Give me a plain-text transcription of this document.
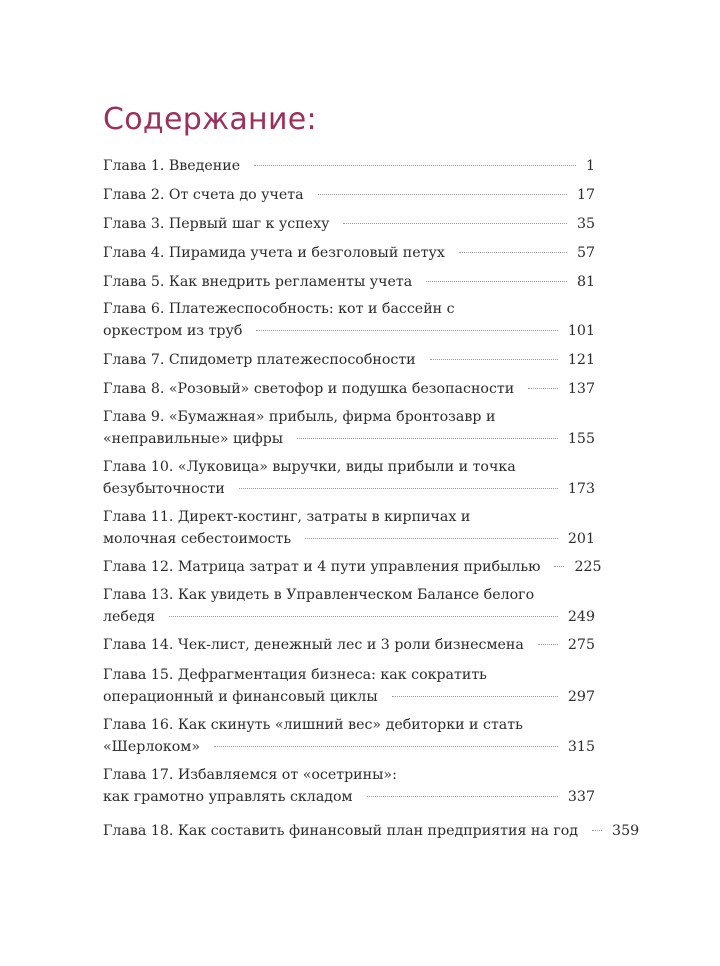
Содержание:
Глава 1. Введение	1
Глава 2. От счета до учета	17
Глава 3. Первый шаг к успеху	35
Глава 4. Пирамида учета и безголовый петух	57
Глава 5. Как внедрить регламенты учета	81
Глава 6. Платежеспособность: кот и бассейн с
оркестром из труб	101
Глава 7. Спидометр платежеспособности	121
Глава 8. «Розовый» светофор и подушка безопасности	137
Глава 9. «Бумажная» прибыль, фирма бронтозавр и
«неправильные» цифры	155
Глава 10. «Луковица» выручки, виды прибыли и точка
безубыточности	173
Глава 11. Директ-костинг, затраты в кирпичах и
молочная себестоимость	201
Глава 12. Матрица затрат и 4 пути управления прибылью 225
Глава 13. Как увидеть в Управленческом Балансе белого
лебедя	249
Глава 14. Чек-лист, денежный лес и 3 роли бизнесмена	275
Глава 15. Дефрагментация бизнеса: как сократить
операционный и финансовый циклы	297
Глава 16. Как скинуть «лишний вес» дебиторки и стать
«Шерлоком»	315
Глава 17. Избавляемся от «осетрины»:
как грамотно управлять складом	337
Глава 18. Как составить финансовый план предприятия на год 359
